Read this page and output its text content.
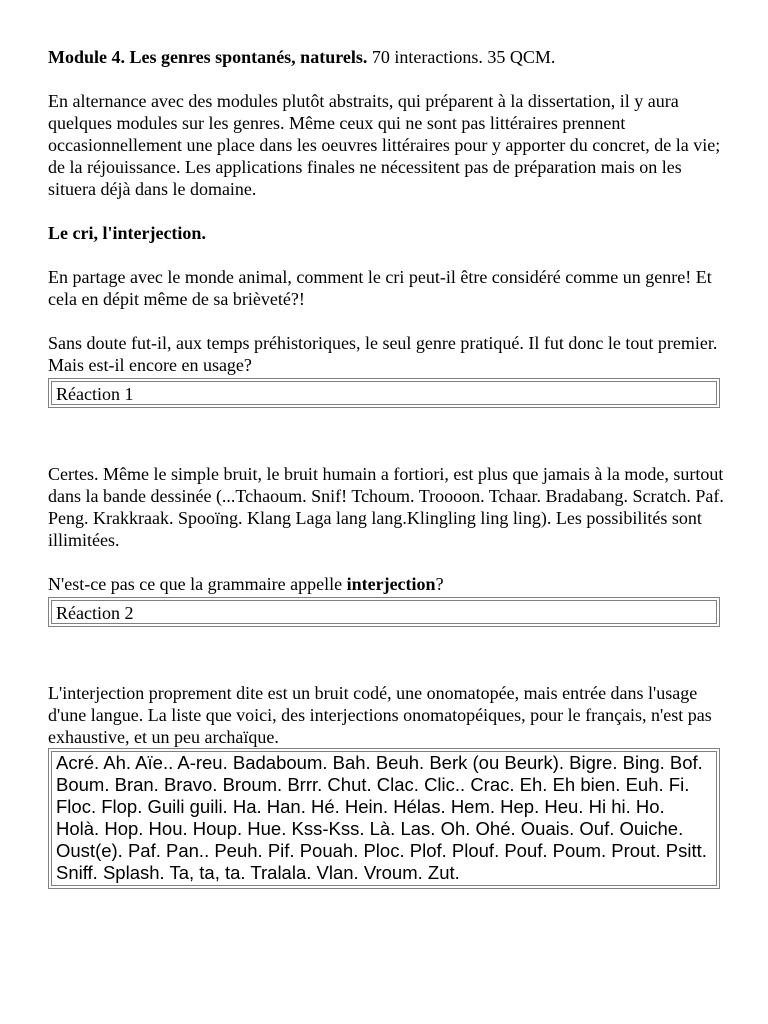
Module 4. Les genres spontanés, naturels. 70 interactions. 35 QCM.

En alternance avec des modules plutôt abstraits, qui préparent à la dissertation, il y aura quelques modules sur les genres. Même ceux qui ne sont pas littéraires prennent occasionnellement une place dans les oeuvres littéraires pour y apporter du concret, de la vie; de la réjouissance. Les applications finales ne nécessitent pas de préparation mais on les situera déjà dans le domaine.

Le cri, l'interjection.

En partage avec le monde animal, comment le cri peut-il être considéré comme un genre! Et cela en dépit même de sa brièveté?!

Sans doute fut-il, aux temps préhistoriques, le seul genre pratiqué. Il fut donc le tout premier. Mais est-il encore en usage?

Réaction 1

Certes. Même le simple bruit, le bruit humain a fortiori, est plus que jamais à la mode, surtout dans la bande dessinée (...Tchaoum. Snif! Tchoum. Troooon. Tchaar. Bradabang. Scratch. Paf. Peng. Krakkraak. Spooïng. Klang Laga lang lang.Klingling ling ling). Les possibilités sont illimitées.

N'est-ce pas ce que la grammaire appelle interjection?

Réaction 2

L'interjection proprement dite est un bruit codé, une onomatopée, mais entrée dans l'usage d'une langue. La liste que voici, des interjections onomatopéiques, pour le français, n'est pas exhaustive, et un peu archaïque.

Acré. Ah. Aïe.. A-reu. Badaboum. Bah. Beuh. Berk (ou Beurk). Bigre. Bing. Bof. Boum. Bran. Bravo. Broum. Brrr. Chut. Clac. Clic.. Crac. Eh. Eh bien. Euh. Fi. Floc. Flop. Guili guili. Ha. Han. Hé. Hein. Hélas. Hem. Hep. Heu. Hi hi. Ho. Holà. Hop. Hou. Houp. Hue. Kss-Kss. Là. Las. Oh. Ohé. Ouais. Ouf. Ouiche. Oust(e). Paf. Pan.. Peuh. Pif. Pouah. Ploc. Plof. Plouf. Pouf. Poum. Prout. Psitt. Sniff. Splash. Ta, ta, ta. Tralala. Vlan. Vroum. Zut.
